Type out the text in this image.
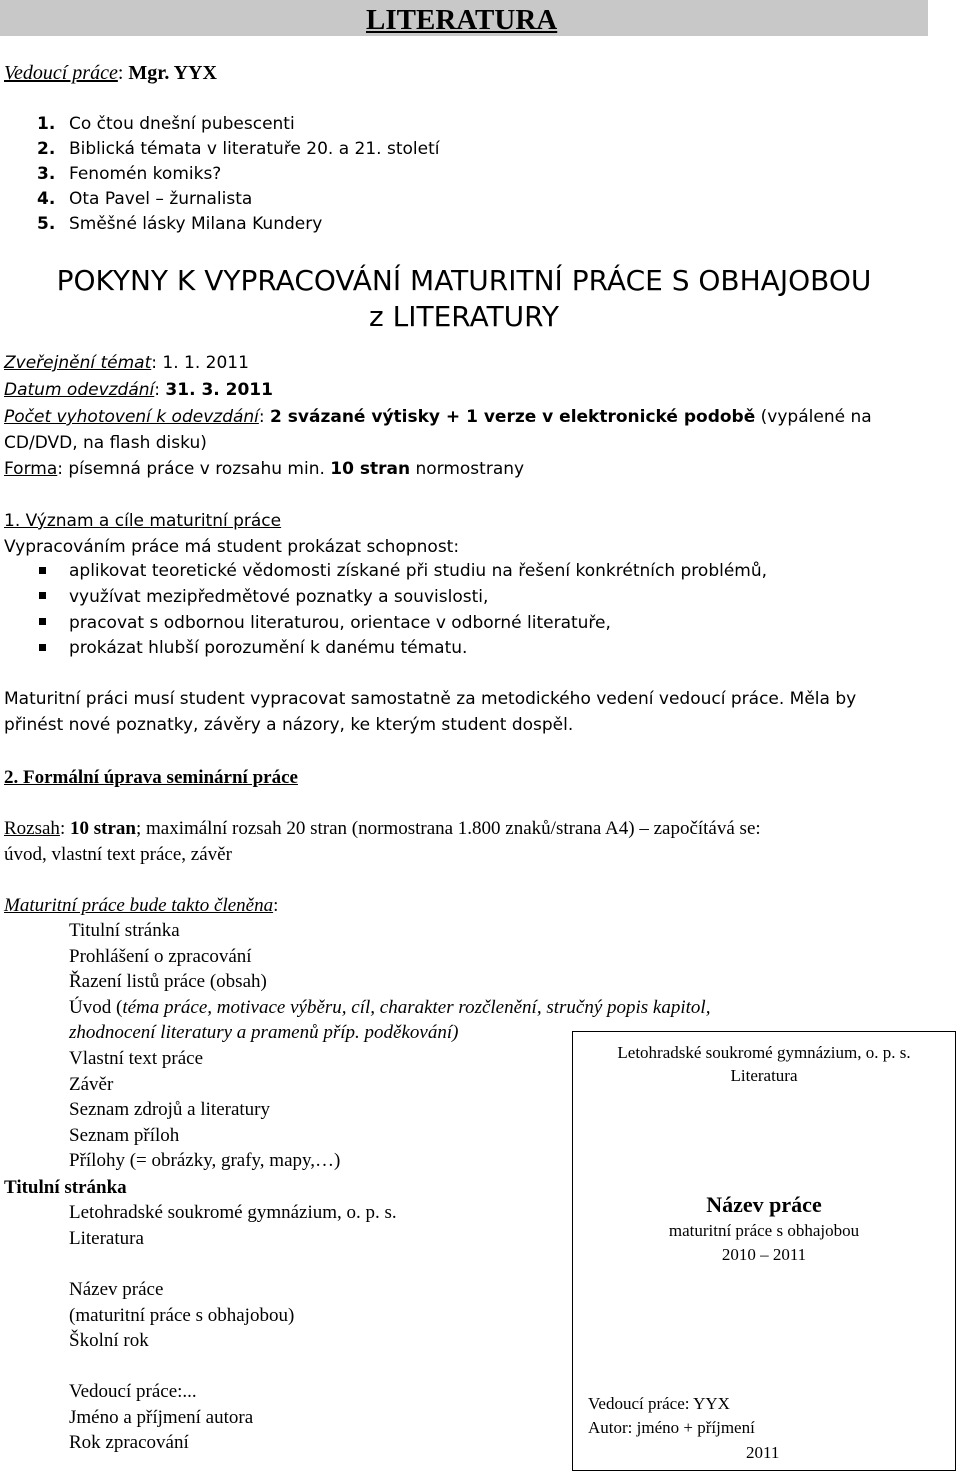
LITERATURA
Vedoucí práce: Mgr. YYX
1. Co čtou dnešní pubescenti
2. Biblická témata v literatuře 20. a 21. století
3. Fenomén komiks?
4. Ota Pavel – žurnalista
5. Směšné lásky Milana Kundery
POKYNY K VYPRACOVÁNÍ MATURITNÍ PRÁCE S OBHAJOBOU
z LITERATURY
Zveřejnění témat: 1. 1. 2011
Datum odevzdání: 31. 3. 2011
Počet vyhotovení k odevzdání: 2 svázané výtisky + 1 verze v elektronické podobě (vypálené na
CD/DVD, na flash disku)
Forma: písemná práce v rozsahu min. 10 stran normostrany
1. Význam a cíle maturitní práce
Vypracováním práce má student prokázat schopnost:
aplikovat teoretické vědomosti získané při studiu na řešení konkrétních problémů,
využívat mezipředmětové poznatky a souvislosti,
pracovat s odbornou literaturou, orientace v odborné literatuře,
prokázat hlubší porozumění k danému tématu.
Maturitní práci musí student vypracovat samostatně za metodického vedení vedoucí práce. Měla by
přinést nové poznatky, závěry a názory, ke kterým student dospěl.
2. Formální úprava seminární práce
Rozsah: 10 stran; maximální rozsah 20 stran (normostrana 1.800 znaků/strana A4) – započítává se:
úvod, vlastní text práce, závěr
Maturitní práce bude takto členěna:
Titulní stránka
Prohlášení o zpracování
Řazení listů práce (obsah)
Úvod (téma práce, motivace výběru, cíl, charakter rozčlenění, stručný popis kapitol,
zhodnocení literatury a pramenů příp. poděkování)
Vlastní text práce
Závěr
Seznam zdrojů a literatury
Seznam příloh
Přílohy (= obrázky, grafy, mapy,…)
Titulní stránka
Letohradské soukromé gymnázium, o. p. s.
Literatura
Název práce
(maturitní práce s obhajobou)
Školní rok
Vedoucí práce:...
Jméno a příjmení autora
Rok zpracování
Letohradské soukromé gymnázium, o. p. s.
Literatura
Název práce
maturitní práce s obhajobou
2010 – 2011
Vedoucí práce: YYX
Autor: jméno + příjmení
2011
